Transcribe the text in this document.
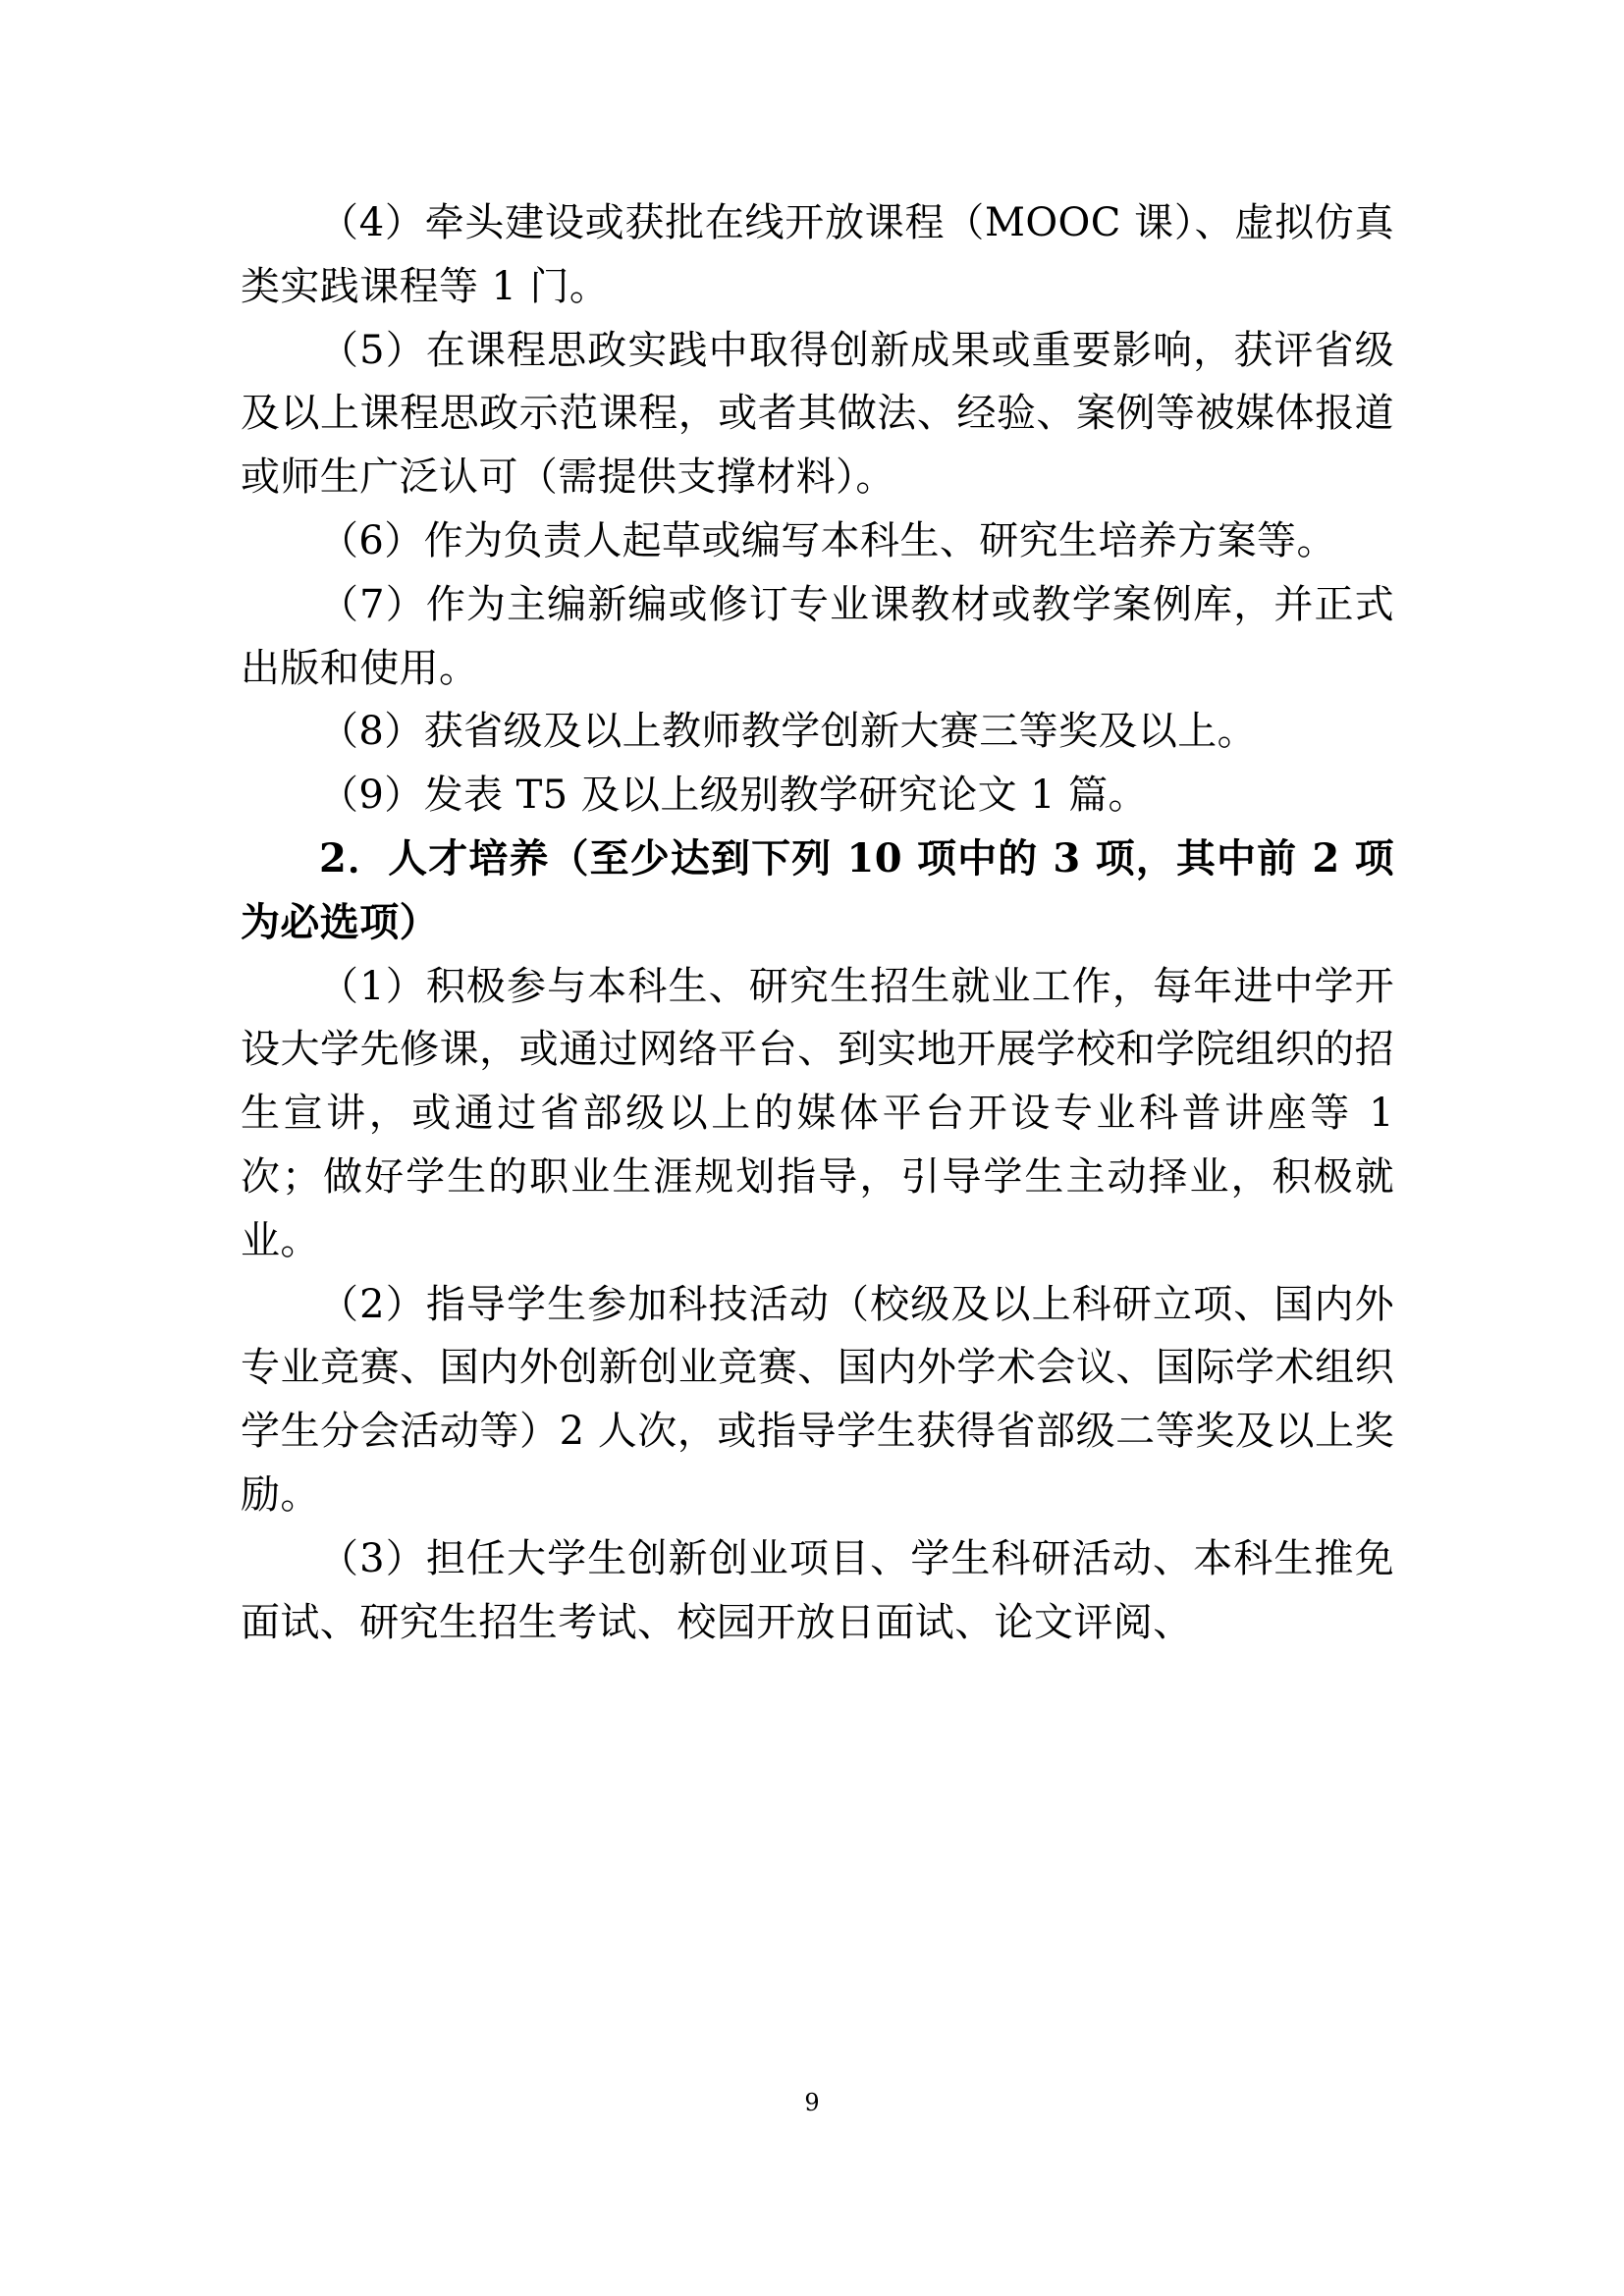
（4）牵头建设或获批在线开放课程（MOOC 课）、虚拟仿真类实践课程等 1 门。

（5）在课程思政实践中取得创新成果或重要影响，获评省级及以上课程思政示范课程，或者其做法、经验、案例等被媒体报道或师生广泛认可（需提供支撑材料）。

（6）作为负责人起草或编写本科生、研究生培养方案等。

（7）作为主编新编或修订专业课教材或教学案例库，并正式出版和使用。

（8）获省级及以上教师教学创新大赛三等奖及以上。

（9）发表 T5 及以上级别教学研究论文 1 篇。

2．人才培养（至少达到下列 10 项中的 3 项，其中前 2 项为必选项）

（1）积极参与本科生、研究生招生就业工作，每年进中学开设大学先修课，或通过网络平台、到实地开展学校和学院组织的招生宣讲，或通过省部级以上的媒体平台开设专业科普讲座等 1 次；做好学生的职业生涯规划指导，引导学生主动择业，积极就业。

（2）指导学生参加科技活动（校级及以上科研立项、国内外专业竞赛、国内外创新创业竞赛、国内外学术会议、国际学术组织学生分会活动等）2 人次，或指导学生获得省部级二等奖及以上奖励。

（3）担任大学生创新创业项目、学生科研活动、本科生推免面试、研究生招生考试、校园开放日面试、论文评阅、

9
